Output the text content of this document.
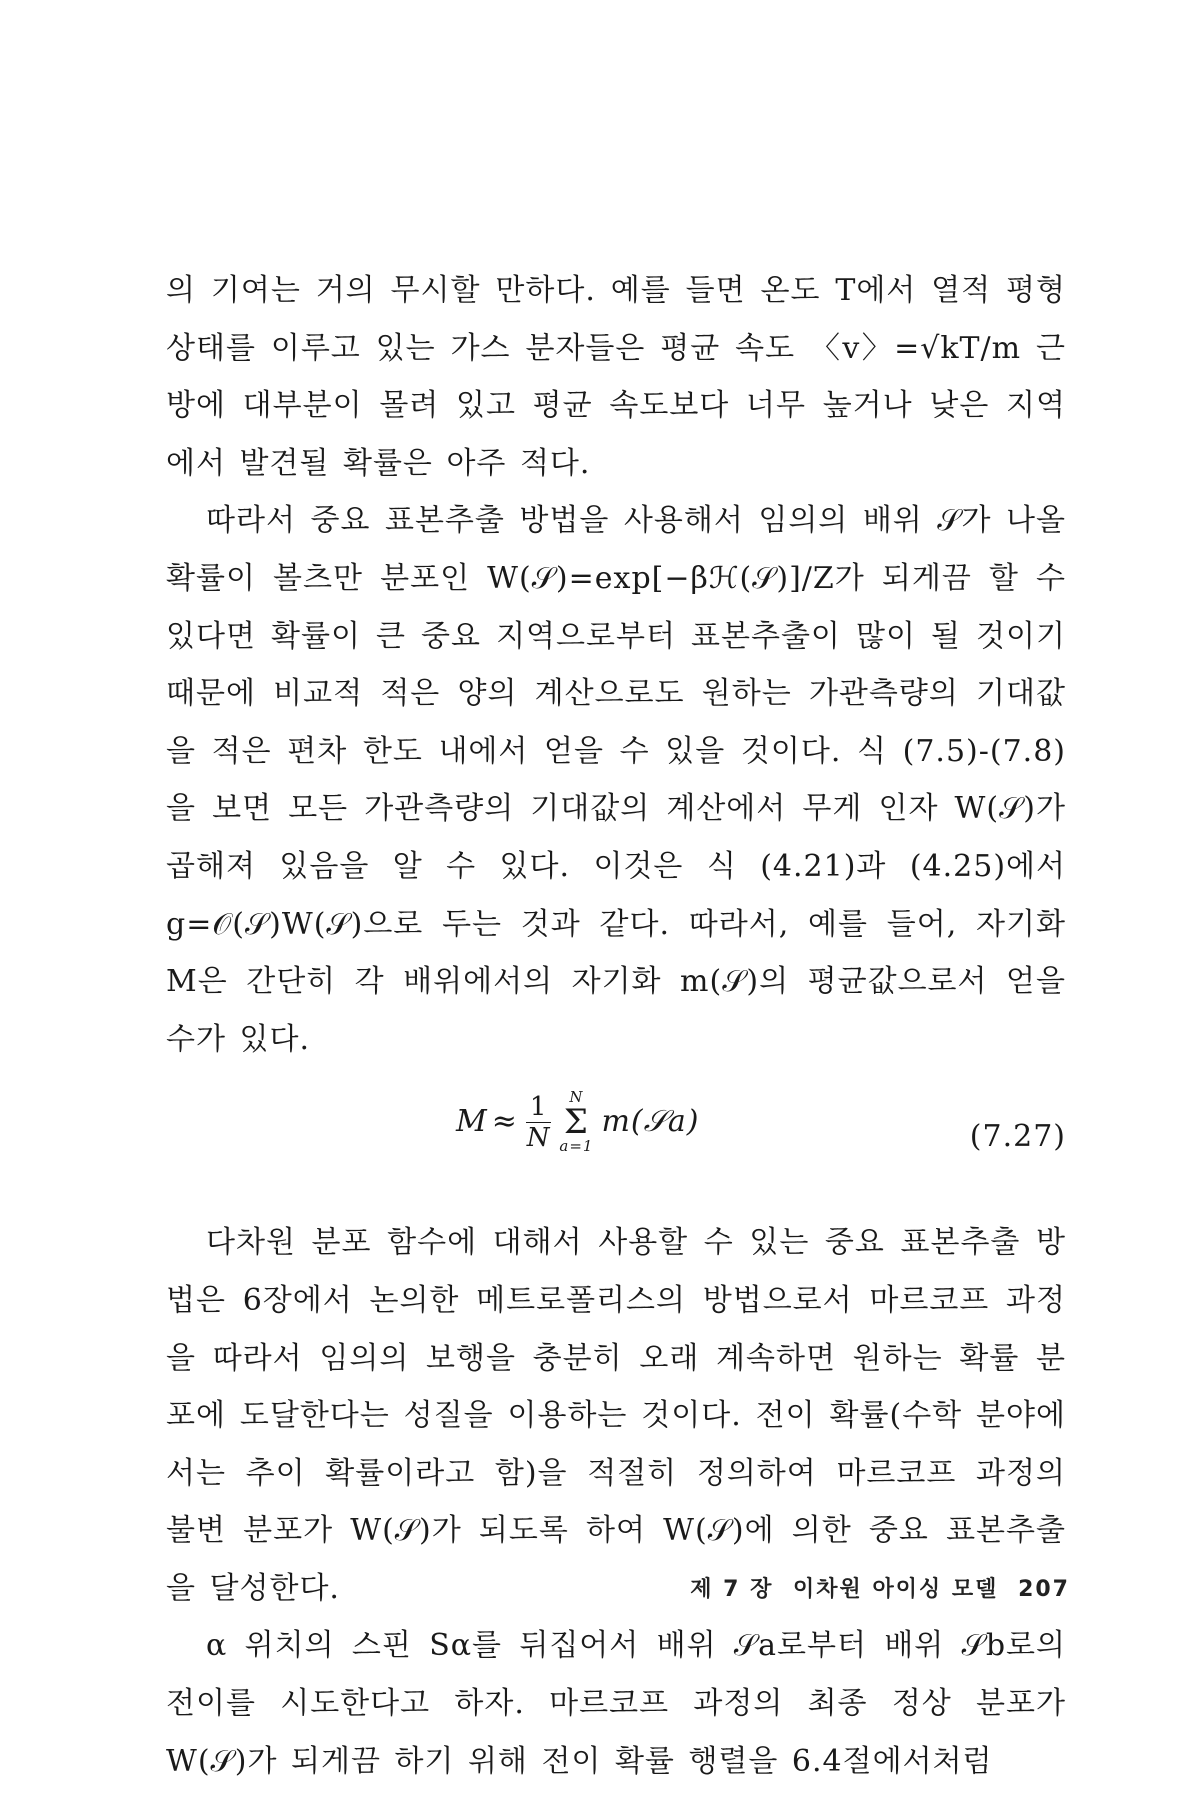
의 기여는 거의 무시할 만하다. 예를 들면 온도 T에서 열적 평형 상태를 이루고 있는 가스 분자들은 평균 속도 〈v〉=√kT/m 근방에 대부분이 몰려 있고 평균 속도보다 너무 높거나 낮은 지역에서 발견될 확률은 아주 적다.

따라서 중요 표본추출 방법을 사용해서 임의의 배위 𝒮가 나올 확률이 볼츠만 분포인 W(𝒮)=exp[−βℋ(𝒮)]/Z가 되게끔 할 수 있다면 확률이 큰 중요 지역으로부터 표본추출이 많이 될 것이기 때문에 비교적 적은 양의 계산으로도 원하는 가관측량의 기대값을 적은 편차 한도 내에서 얻을 수 있을 것이다. 식 (7.5)-(7.8)을 보면 모든 가관측량의 기대값의 계산에서 무게 인자 W(𝒮)가 곱해져 있음을 알 수 있다. 이것은 식 (4.21)과 (4.25)에서 g=𝒪(𝒮)W(𝒮)으로 두는 것과 같다. 따라서, 예를 들어, 자기화 M은 간단히 각 배위에서의 자기화 m(𝒮)의 평균값으로서 얻을 수가 있다.

$M \approx \frac{1}{N}$ N
Σ
a=1
m(𝒮a)	(7.27)

다차원 분포 함수에 대해서 사용할 수 있는 중요 표본추출 방법은 6장에서 논의한 메트로폴리스의 방법으로서 마르코프 과정을 따라서 임의의 보행을 충분히 오래 계속하면 원하는 확률 분포에 도달한다는 성질을 이용하는 것이다. 전이 확률(수학 분야에서는 추이 확률이라고 함)을 적절히 정의하여 마르코프 과정의 불변 분포가 W(𝒮)가 되도록 하여 W(𝒮)에 의한 중요 표본추출을 달성한다.

α 위치의 스핀 Sα를 뒤집어서 배위 𝒮a로부터 배위 𝒮b로의 전이를 시도한다고 하자. 마르코프 과정의 최종 정상 분포가 W(𝒮)가 되게끔 하기 위해 전이 확률 행렬을 6.4절에서처럼

제 7 장 이차원 아이싱 모델 207
